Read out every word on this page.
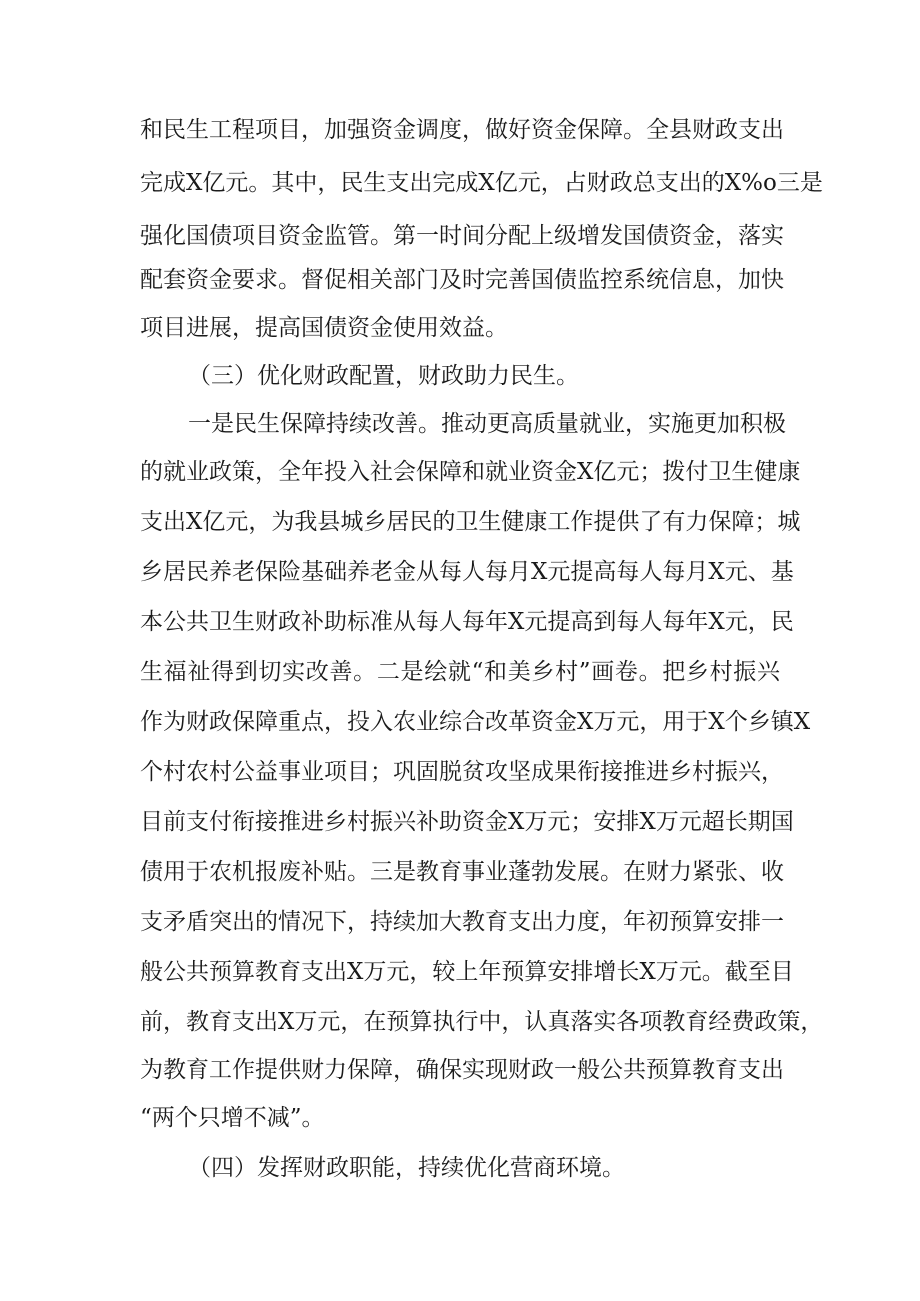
和民生工程项目，加强资金调度，做好资金保障。全县财政支出
完成X亿元。其中，民生支出完成X亿元，占财政总支出的X%o三是
强化国债项目资金监管。第一时间分配上级增发国债资金，落实
配套资金要求。督促相关部门及时完善国债监控系统信息，加快
项目进展，提高国债资金使用效益。
（三）优化财政配置，财政助力民生。
一是民生保障持续改善。推动更高质量就业，实施更加积极
的就业政策，全年投入社会保障和就业资金X亿元；拨付卫生健康
支出X亿元，为我县城乡居民的卫生健康工作提供了有力保障；城
乡居民养老保险基础养老金从每人每月X元提高每人每月X元、基
本公共卫生财政补助标准从每人每年X元提高到每人每年X元，民
生福祉得到切实改善。二是绘就“和美乡村”画卷。把乡村振兴
作为财政保障重点，投入农业综合改革资金X万元，用于X个乡镇X
个村农村公益事业项目；巩固脱贫攻坚成果衔接推进乡村振兴，
目前支付衔接推进乡村振兴补助资金X万元；安排X万元超长期国
债用于农机报废补贴。三是教育事业蓬勃发展。在财力紧张、收
支矛盾突出的情况下，持续加大教育支出力度，年初预算安排一
般公共预算教育支出X万元，较上年预算安排增长X万元。截至目
前，教育支出X万元，在预算执行中，认真落实各项教育经费政策，
为教育工作提供财力保障，确保实现财政一般公共预算教育支出
“两个只增不减”。
（四）发挥财政职能，持续优化营商环境。
